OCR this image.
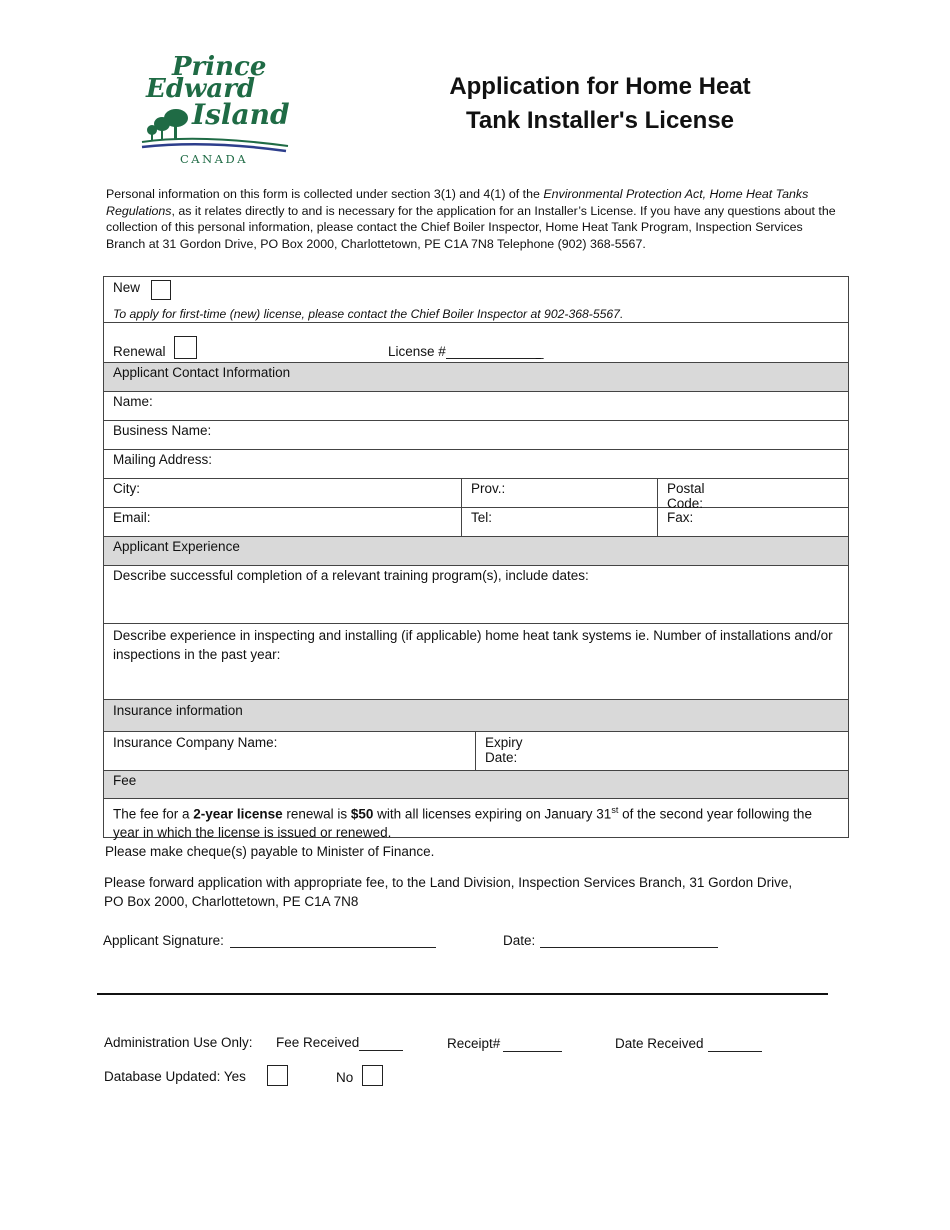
Prince
Edward
Island
CANADA
Application for Home Heat
Tank Installer's License
Personal information on this form is collected under section 3(1) and 4(1) of the Environmental Protection Act, Home Heat Tanks Regulations, as it relates directly to and is necessary for the application for an Installer’s License. If you have any questions about the collection of this personal information, please contact the Chief Boiler Inspector, Home Heat Tank Program, Inspection Services Branch at 31 Gordon Drive, PO Box 2000, Charlottetown, PE C1A 7N8 Telephone (902) 368-5567.
New
To apply for first-time (new) license, please contact the Chief Boiler Inspector at 902-368-5567.
Renewal	License #	_
Applicant Contact Information
Name:
Business Name:
Mailing Address:
City:	Prov.:	Postal Code:
Email:	Tel:	Fax:
Applicant Experience
Describe successful completion of a relevant training program(s), include dates:
Describe experience in inspecting and installing (if applicable) home heat tank systems ie. Number of installations and/or inspections in the past year:
Insurance information
Insurance Company Name:	Expiry Date:
Fee
The fee for a 2-year license renewal is $50 with all licenses expiring on January 31st of the second year following the year in which the license is issued or renewed.
Please make cheque(s) payable to Minister of Finance.
Please forward application with appropriate fee, to the Land Division, Inspection Services Branch, 31 Gordon Drive, PO Box 2000, Charlottetown, PE C1A 7N8
Applicant Signature:	Date:
Administration Use Only: Fee Received	Receipt#	Date Received
Database Updated: Yes	No
